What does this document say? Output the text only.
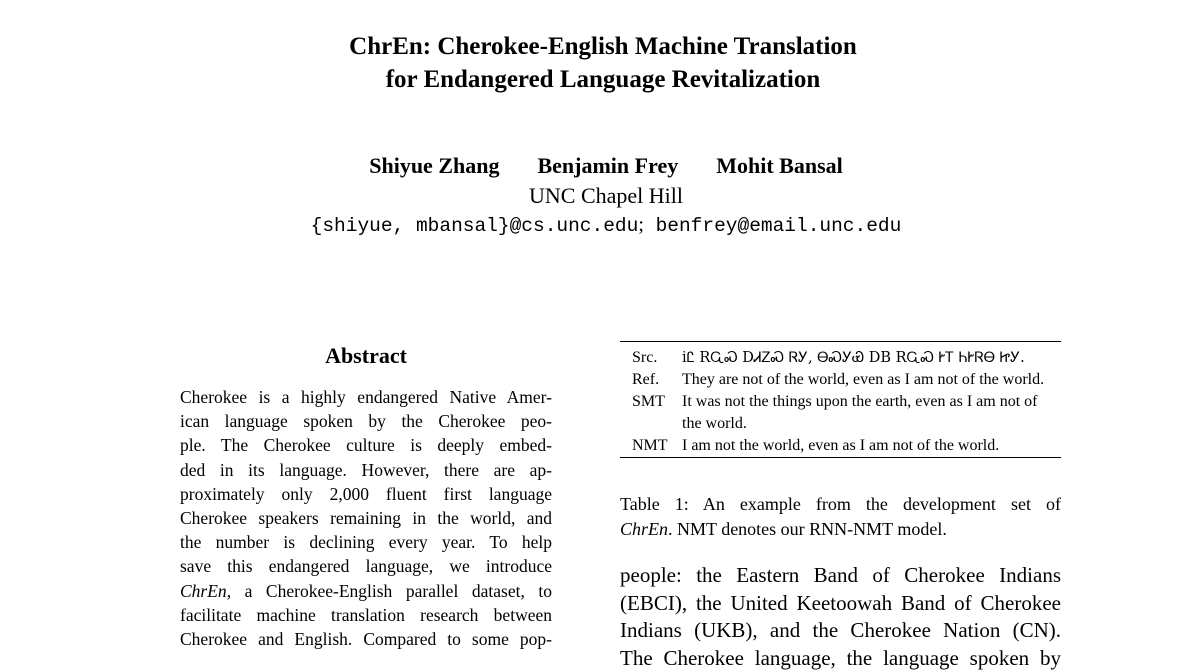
ChrEn: Cherokee-English Machine Translation
for Endangered Language Revitalization
Shiyue Zhang Benjamin Frey Mohit Bansal
UNC Chapel Hill
{shiyue, mbansal}@cs.unc.edu; benfrey@email.unc.edu
Abstract
Cherokee is a highly endangered Native Amer-
ican language spoken by the Cherokee peo-
ple. The Cherokee culture is deeply embed-
ded in its language. However, there are ap-
proximately only 2,000 fluent first language
Cherokee speakers remaining in the world, and
the number is declining every year. To help
save this endangered language, we introduce
ChrEn, a Cherokee-English parallel dataset, to
facilitate machine translation research between
Cherokee and English. Compared to some pop-
Src.	iᏝ RᏩᏍ DᏗᏃᏍ ᏒᎩ, ᎾᏍᎩᏯ DB RᏩᏍ ᎨᎢ ᏂᎨᏒᎾ ᏥᎩ.
Ref.	They are not of the world, even as I am not of the world.
SMT	It was not the things upon the earth, even as I am not of the world.
NMT I am not the world, even as I am not of the world.
Table 1: An example from the development set of
ChrEn. NMT denotes our RNN-NMT model.
people: the Eastern Band of Cherokee Indians
(EBCI), the United Keetoowah Band of Cherokee
Indians (UKB), and the Cherokee Nation (CN).
The Cherokee language, the language spoken by
